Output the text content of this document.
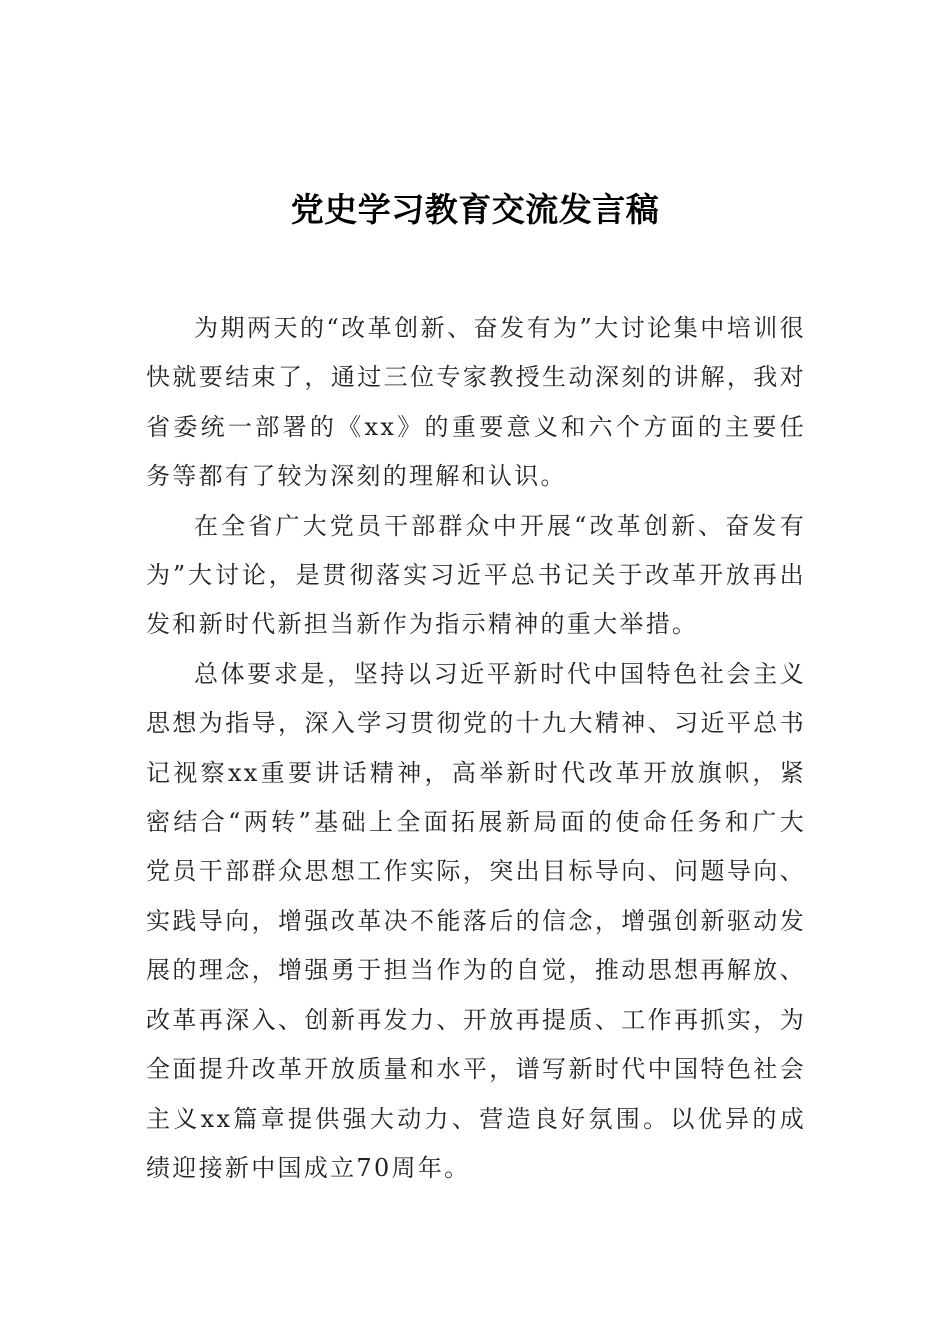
党史学习教育交流发言稿

为期两天的“改革创新、奋发有为”大讨论集中培训很快就要结束了，通过三位专家教授生动深刻的讲解，我对省委统一部署的《xx》的重要意义和六个方面的主要任务等都有了较为深刻的理解和认识。

在全省广大党员干部群众中开展“改革创新、奋发有为”大讨论，是贯彻落实习近平总书记关于改革开放再出发和新时代新担当新作为指示精神的重大举措。

总体要求是，坚持以习近平新时代中国特色社会主义思想为指导，深入学习贯彻党的十九大精神、习近平总书记视察xx重要讲话精神，高举新时代改革开放旗帜，紧密结合“两转”基础上全面拓展新局面的使命任务和广大党员干部群众思想工作实际，突出目标导向、问题导向、实践导向，增强改革决不能落后的信念，增强创新驱动发展的理念，增强勇于担当作为的自觉，推动思想再解放、改革再深入、创新再发力、开放再提质、工作再抓实，为全面提升改革开放质量和水平，谱写新时代中国特色社会主义xx篇章提供强大动力、营造良好氛围。以优异的成绩迎接新中国成立70周年。
